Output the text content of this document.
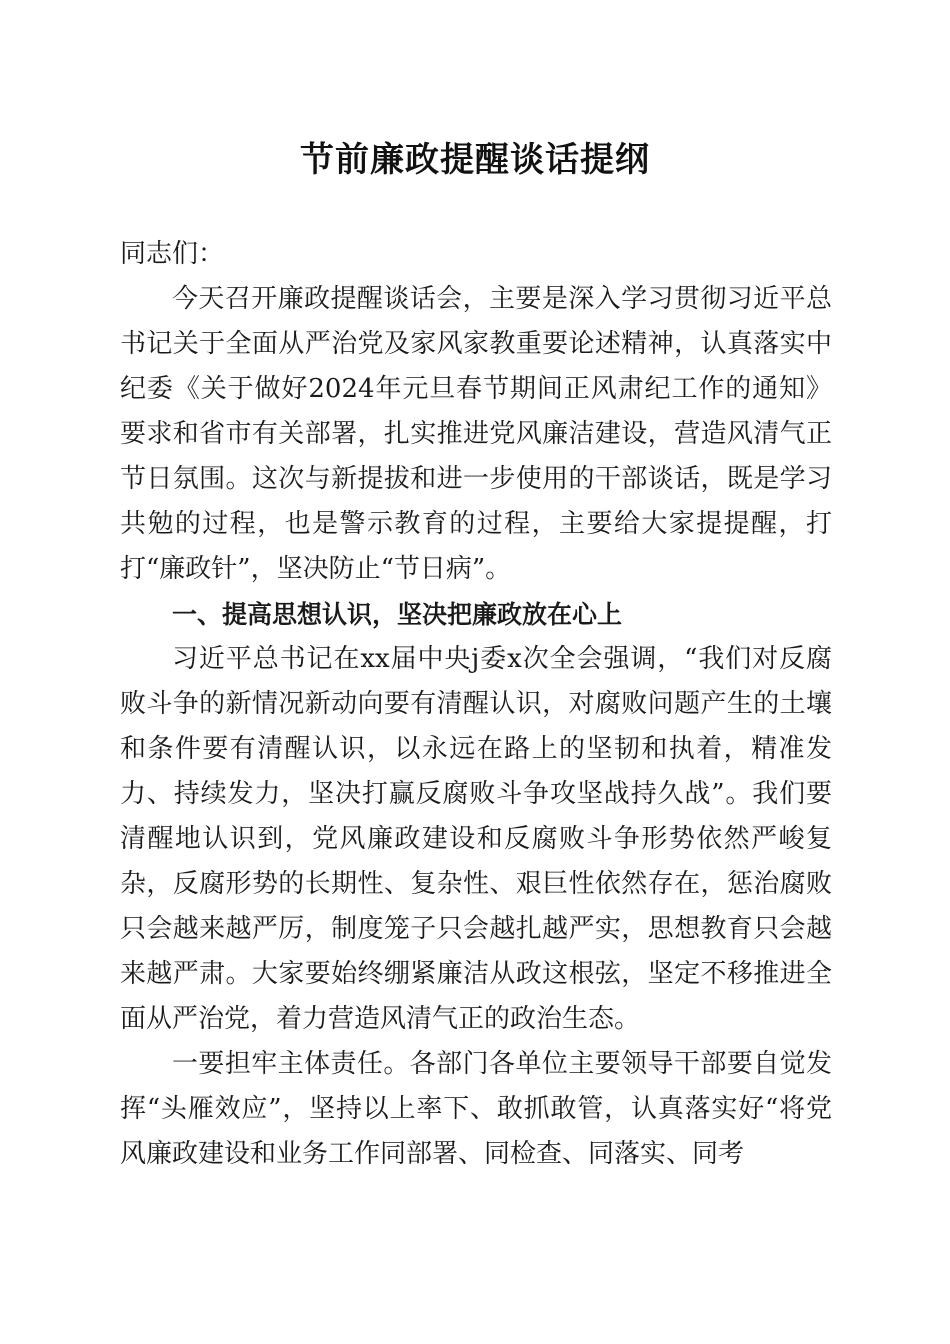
节前廉政提醒谈话提纲

同志们：

今天召开廉政提醒谈话会，主要是深入学习贯彻习近平总书记关于全面从严治党及家风家教重要论述精神，认真落实中纪委《关于做好2024年元旦春节期间正风肃纪工作的通知》要求和省市有关部署，扎实推进党风廉洁建设，营造风清气正节日氛围。这次与新提拔和进一步使用的干部谈话，既是学习共勉的过程，也是警示教育的过程，主要给大家提提醒，打打“廉政针”，坚决防止“节日病”。

一、提高思想认识，坚决把廉政放在心上

习近平总书记在xx届中央j委x次全会强调，“我们对反腐败斗争的新情况新动向要有清醒认识，对腐败问题产生的土壤和条件要有清醒认识，以永远在路上的坚韧和执着，精准发力、持续发力，坚决打赢反腐败斗争攻坚战持久战”。我们要清醒地认识到，党风廉政建设和反腐败斗争形势依然严峻复杂，反腐形势的长期性、复杂性、艰巨性依然存在，惩治腐败只会越来越严厉，制度笼子只会越扎越严实，思想教育只会越来越严肃。大家要始终绷紧廉洁从政这根弦，坚定不移推进全面从严治党，着力营造风清气正的政治生态。

一要担牢主体责任。各部门各单位主要领导干部要自觉发挥“头雁效应”，坚持以上率下、敢抓敢管，认真落实好“将党风廉政建设和业务工作同部署、同检查、同落实、同考
